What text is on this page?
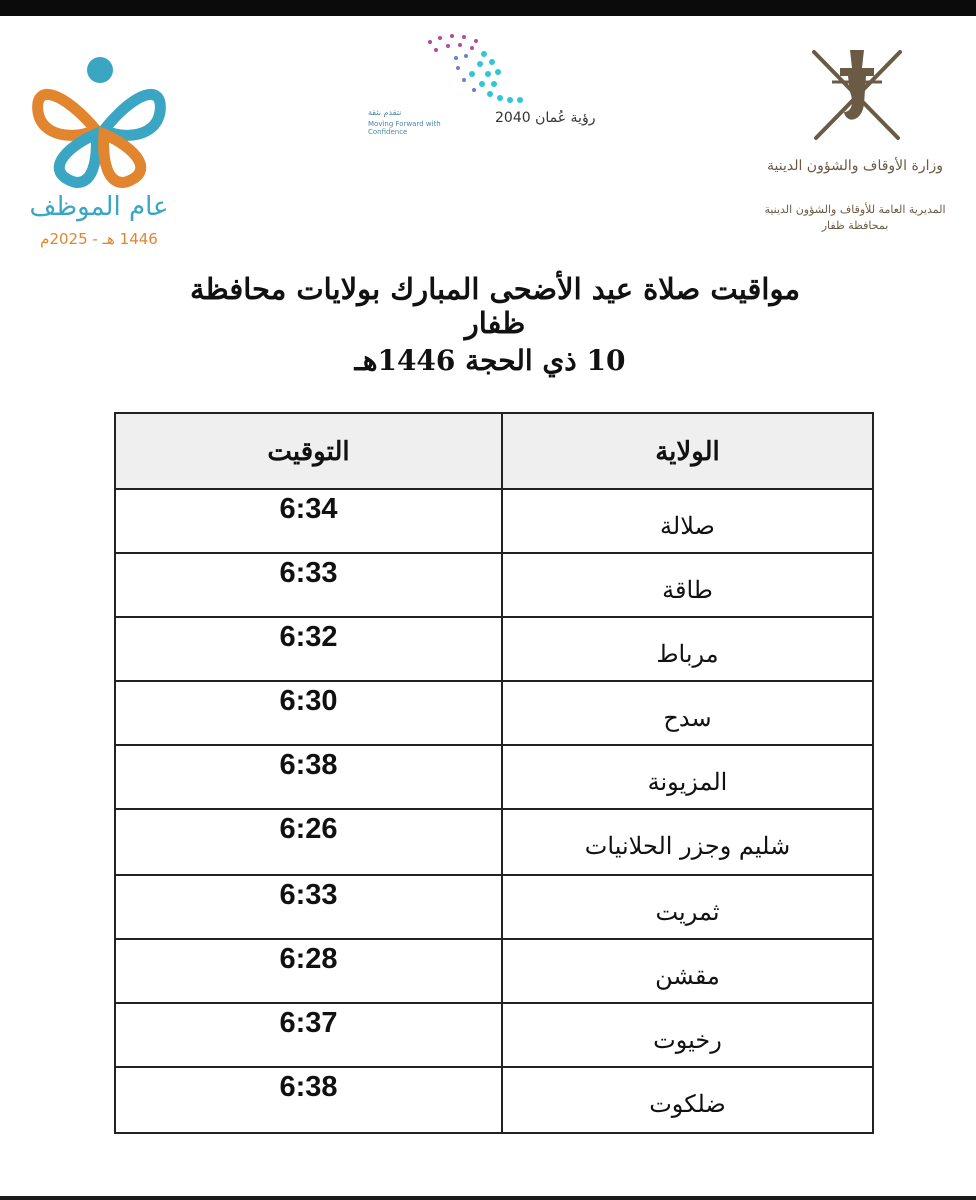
عام الموظف
1446 هـ - 2025م
رؤية عُمان 2040
نتقدم بثقة
Moving Forward with Confidence
وزارة الأوقاف والشؤون الدينية
المديرية العامة للأوقاف والشؤون الدينية
بمحافظة ظفار
مواقيت صلاة عيد الأضحى المبارك بولايات محافظة ظفار
10 ذي الحجة 1446هـ
التوقيت	الولاية
6:34
صلالة
6:33
طاقة
6:32
مرباط
6:30
سدح
6:38
المزيونة
6:26
شليم وجزر الحلانيات
6:33
ثمريت
6:28
مقشن
6:37
رخيوت
6:38
ضلكوت
